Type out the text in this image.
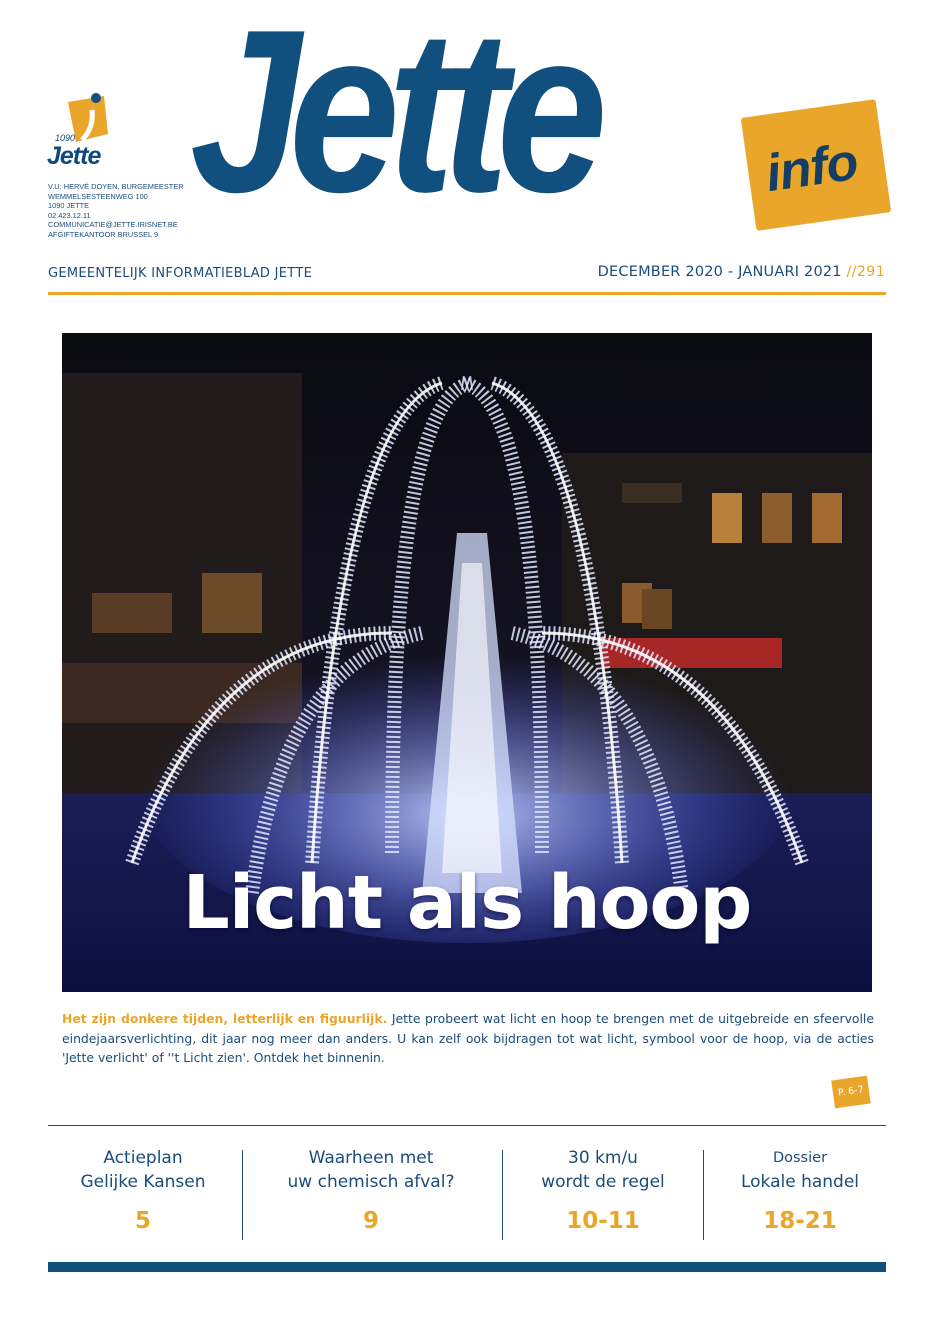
1090
Jette
V.U: HERVÉ DOYEN, BURGEMEESTER
WEMMELSESTEENWEG 100
1090 JETTE
02.423.12.11
COMMUNICATIE@JETTE.IRISNET.BE
AFGIFTEKANTOOR BRUSSEL 9 Jette	info
GEMEENTELIJK INFORMATIEBLAD JETTE	DECEMBER 2020 - JANUARI 2021 //291
Licht als hoop
Het zijn donkere tijden, letterlijk en figuurlijk. Jette probeert wat licht en hoop te brengen met de uitgebreide en sfeervolle eindejaarsverlichting, dit jaar nog meer dan anders. U kan zelf ook bijdragen tot wat licht, symbool voor de hoop, via de acties 'Jette verlicht' of ''t Licht zien'. Ontdek het binnenin.
P. 6-7
Actieplan
Gelijke Kansen
5
Waarheen met
uw chemisch afval?
9
30 km/u
wordt de regel
10-11
Dossier
Lokale handel
18-21
